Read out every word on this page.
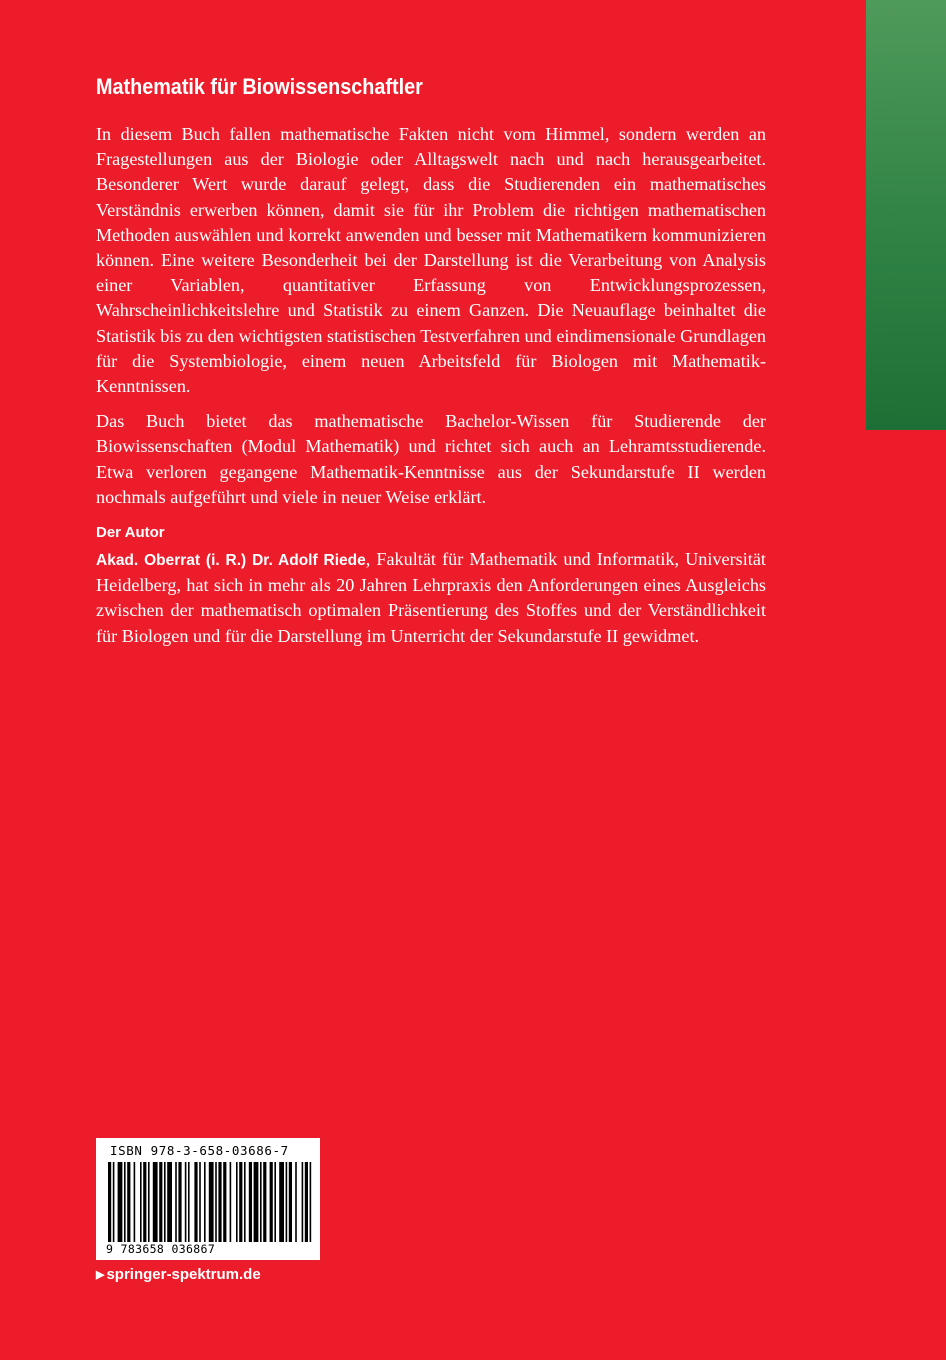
Mathematik für Biowissenschaftler

In diesem Buch fallen mathematische Fakten nicht vom Himmel, sondern werden an Fragestellungen aus der Biologie oder Alltagswelt nach und nach herausgearbeitet. Besonderer Wert wurde darauf gelegt, dass die Studierenden ein mathematisches Verständnis erwerben können, damit sie für ihr Problem die richtigen mathematischen Methoden auswählen und korrekt anwenden und besser mit Mathematikern kommunizieren können. Eine weitere Besonderheit bei der Darstellung ist die Verarbeitung von Analysis einer Variablen, quantitativer Erfassung von Entwicklungsprozessen, Wahrscheinlichkeitslehre und Statistik zu einem Ganzen. Die Neuauflage beinhaltet die Statistik bis zu den wichtigsten statistischen Testverfahren und eindimensionale Grundlagen für die Systembiologie, einem neuen Arbeitsfeld für Biologen mit Mathematik-Kenntnissen.

Das Buch bietet das mathematische Bachelor-Wissen für Studierende der Biowissenschaften (Modul Mathematik) und richtet sich auch an Lehramtsstudierende. Etwa verloren gegangene Mathematik-Kenntnisse aus der Sekundarstufe II werden nochmals aufgeführt und viele in neuer Weise erklärt.

Der Autor

Akad. Oberrat (i. R.) Dr. Adolf Riede, Fakultät für Mathematik und Informatik, Universität Heidelberg, hat sich in mehr als 20 Jahren Lehrpraxis den Anforderungen eines Ausgleichs zwischen der mathematisch optimalen Präsentierung des Stoffes und der Verständlichkeit für Biologen und für die Darstellung im Unterricht der Sekundarstufe II gewidmet.

ISBN 978-3-658-03686-7
9 783658 036867
▶ springer-spektrum.de
